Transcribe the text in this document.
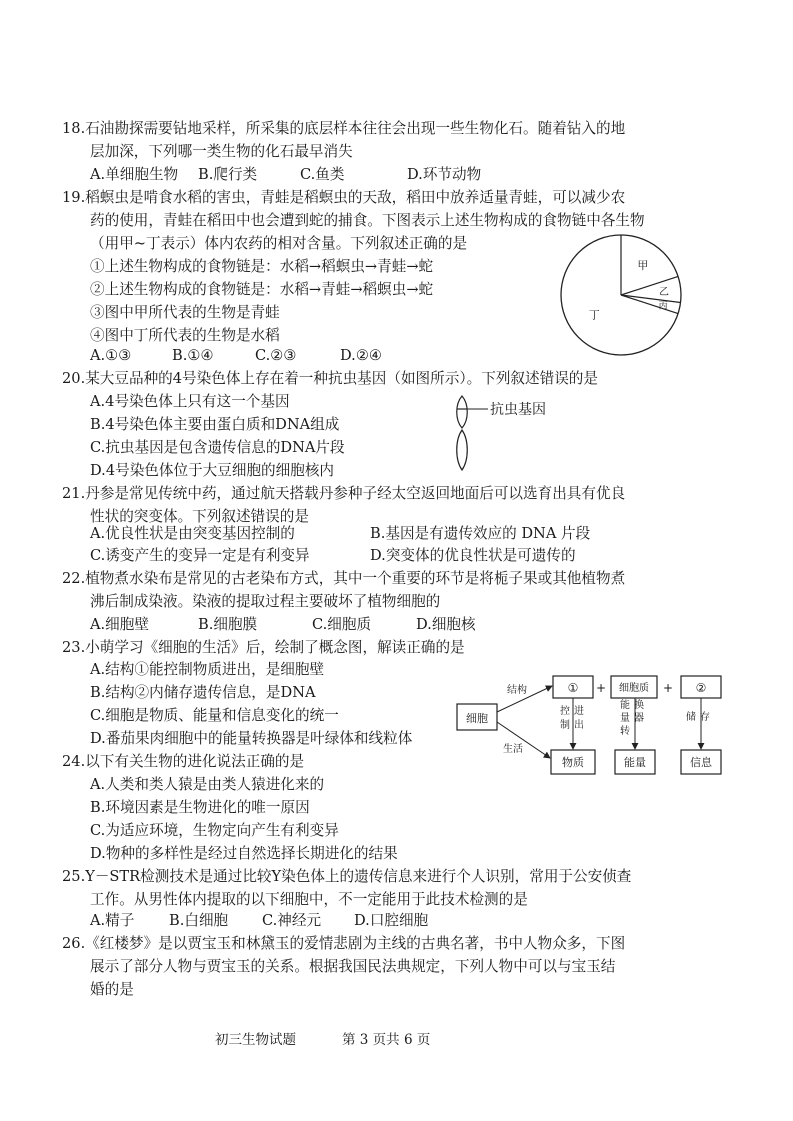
18.石油勘探需要钻地采样，所采集的底层样本往往会出现一些生物化石。随着钻入的地
层加深，下列哪一类生物的化石最早消失
A.单细胞生物 B.爬行类	C.鱼类	D.环节动物
19.稻螟虫是啃食水稻的害虫，青蛙是稻螟虫的天敌，稻田中放养适量青蛙，可以减少农
药的使用，青蛙在稻田中也会遭到蛇的捕食。下图表示上述生物构成的食物链中各生物
（用甲~丁表示）体内农药的相对含量。下列叙述正确的是
①上述生物构成的食物链是：水稻→稻螟虫→青蛙→蛇
②上述生物构成的食物链是：水稻→青蛙→稻螟虫→蛇
③图中甲所代表的生物是青蛙
④图中丁所代表的生物是水稻
A.①③	B.①④	C.②③	D.②④
丁
甲
乙
丙
20.某大豆品种的4号染色体上存在着一种抗虫基因（如图所示）。下列叙述错误的是
A.4号染色体上只有这一个基因
B.4号染色体主要由蛋白质和DNA组成
C.抗虫基因是包含遗传信息的DNA片段
D.4号染色体位于大豆细胞的细胞核内
抗虫基因
21.丹参是常见传统中药，通过航天搭载丹参种子经太空返回地面后可以选育出具有优良
性状的突变体。下列叙述错误的是
A.优良性状是由突变基因控制的	B.基因是有遗传效应的 DNA 片段
C.诱变产生的变异一定是有利变异	D.突变体的优良性状是可遗传的
22.植物煮水染布是常见的古老染布方式，其中一个重要的环节是将栀子果或其他植物煮
沸后制成染液。染液的提取过程主要破坏了植物细胞的
A.细胞壁	B.细胞膜	C.细胞质	D.细胞核
23.小萌学习《细胞的生活》后，绘制了概念图，解读正确的是
A.结构①能控制物质进出，是细胞壁
B.结构②内储存遗传信息，是DNA
C.细胞是物质、能量和信息变化的统一
D.番茄果肉细胞中的能量转换器是叶绿体和线粒体
细胞
① + 细胞质 + ②
物质	能量	信息
结构
生活
控制进出
能量转换器	储 存
24.以下有关生物的进化说法正确的是
A.人类和类人猿是由类人猿进化来的
B.环境因素是生物进化的唯一原因
C.为适应环境，生物定向产生有利变异
D.物种的多样性是经过自然选择长期进化的结果
25.Y－STR检测技术是通过比较Y染色体上的遗传信息来进行个人识别，常用于公安侦查
工作。从男性体内提取的以下细胞中，不一定能用于此技术检测的是
A.精子 B.白细胞 C.神经元 D.口腔细胞
26.《红楼梦》是以贾宝玉和林黛玉的爱情悲剧为主线的古典名著，书中人物众多，下图
展示了部分人物与贾宝玉的关系。根据我国民法典规定，下列人物中可以与宝玉结
婚的是
初三生物试题	第 3 页共 6 页
